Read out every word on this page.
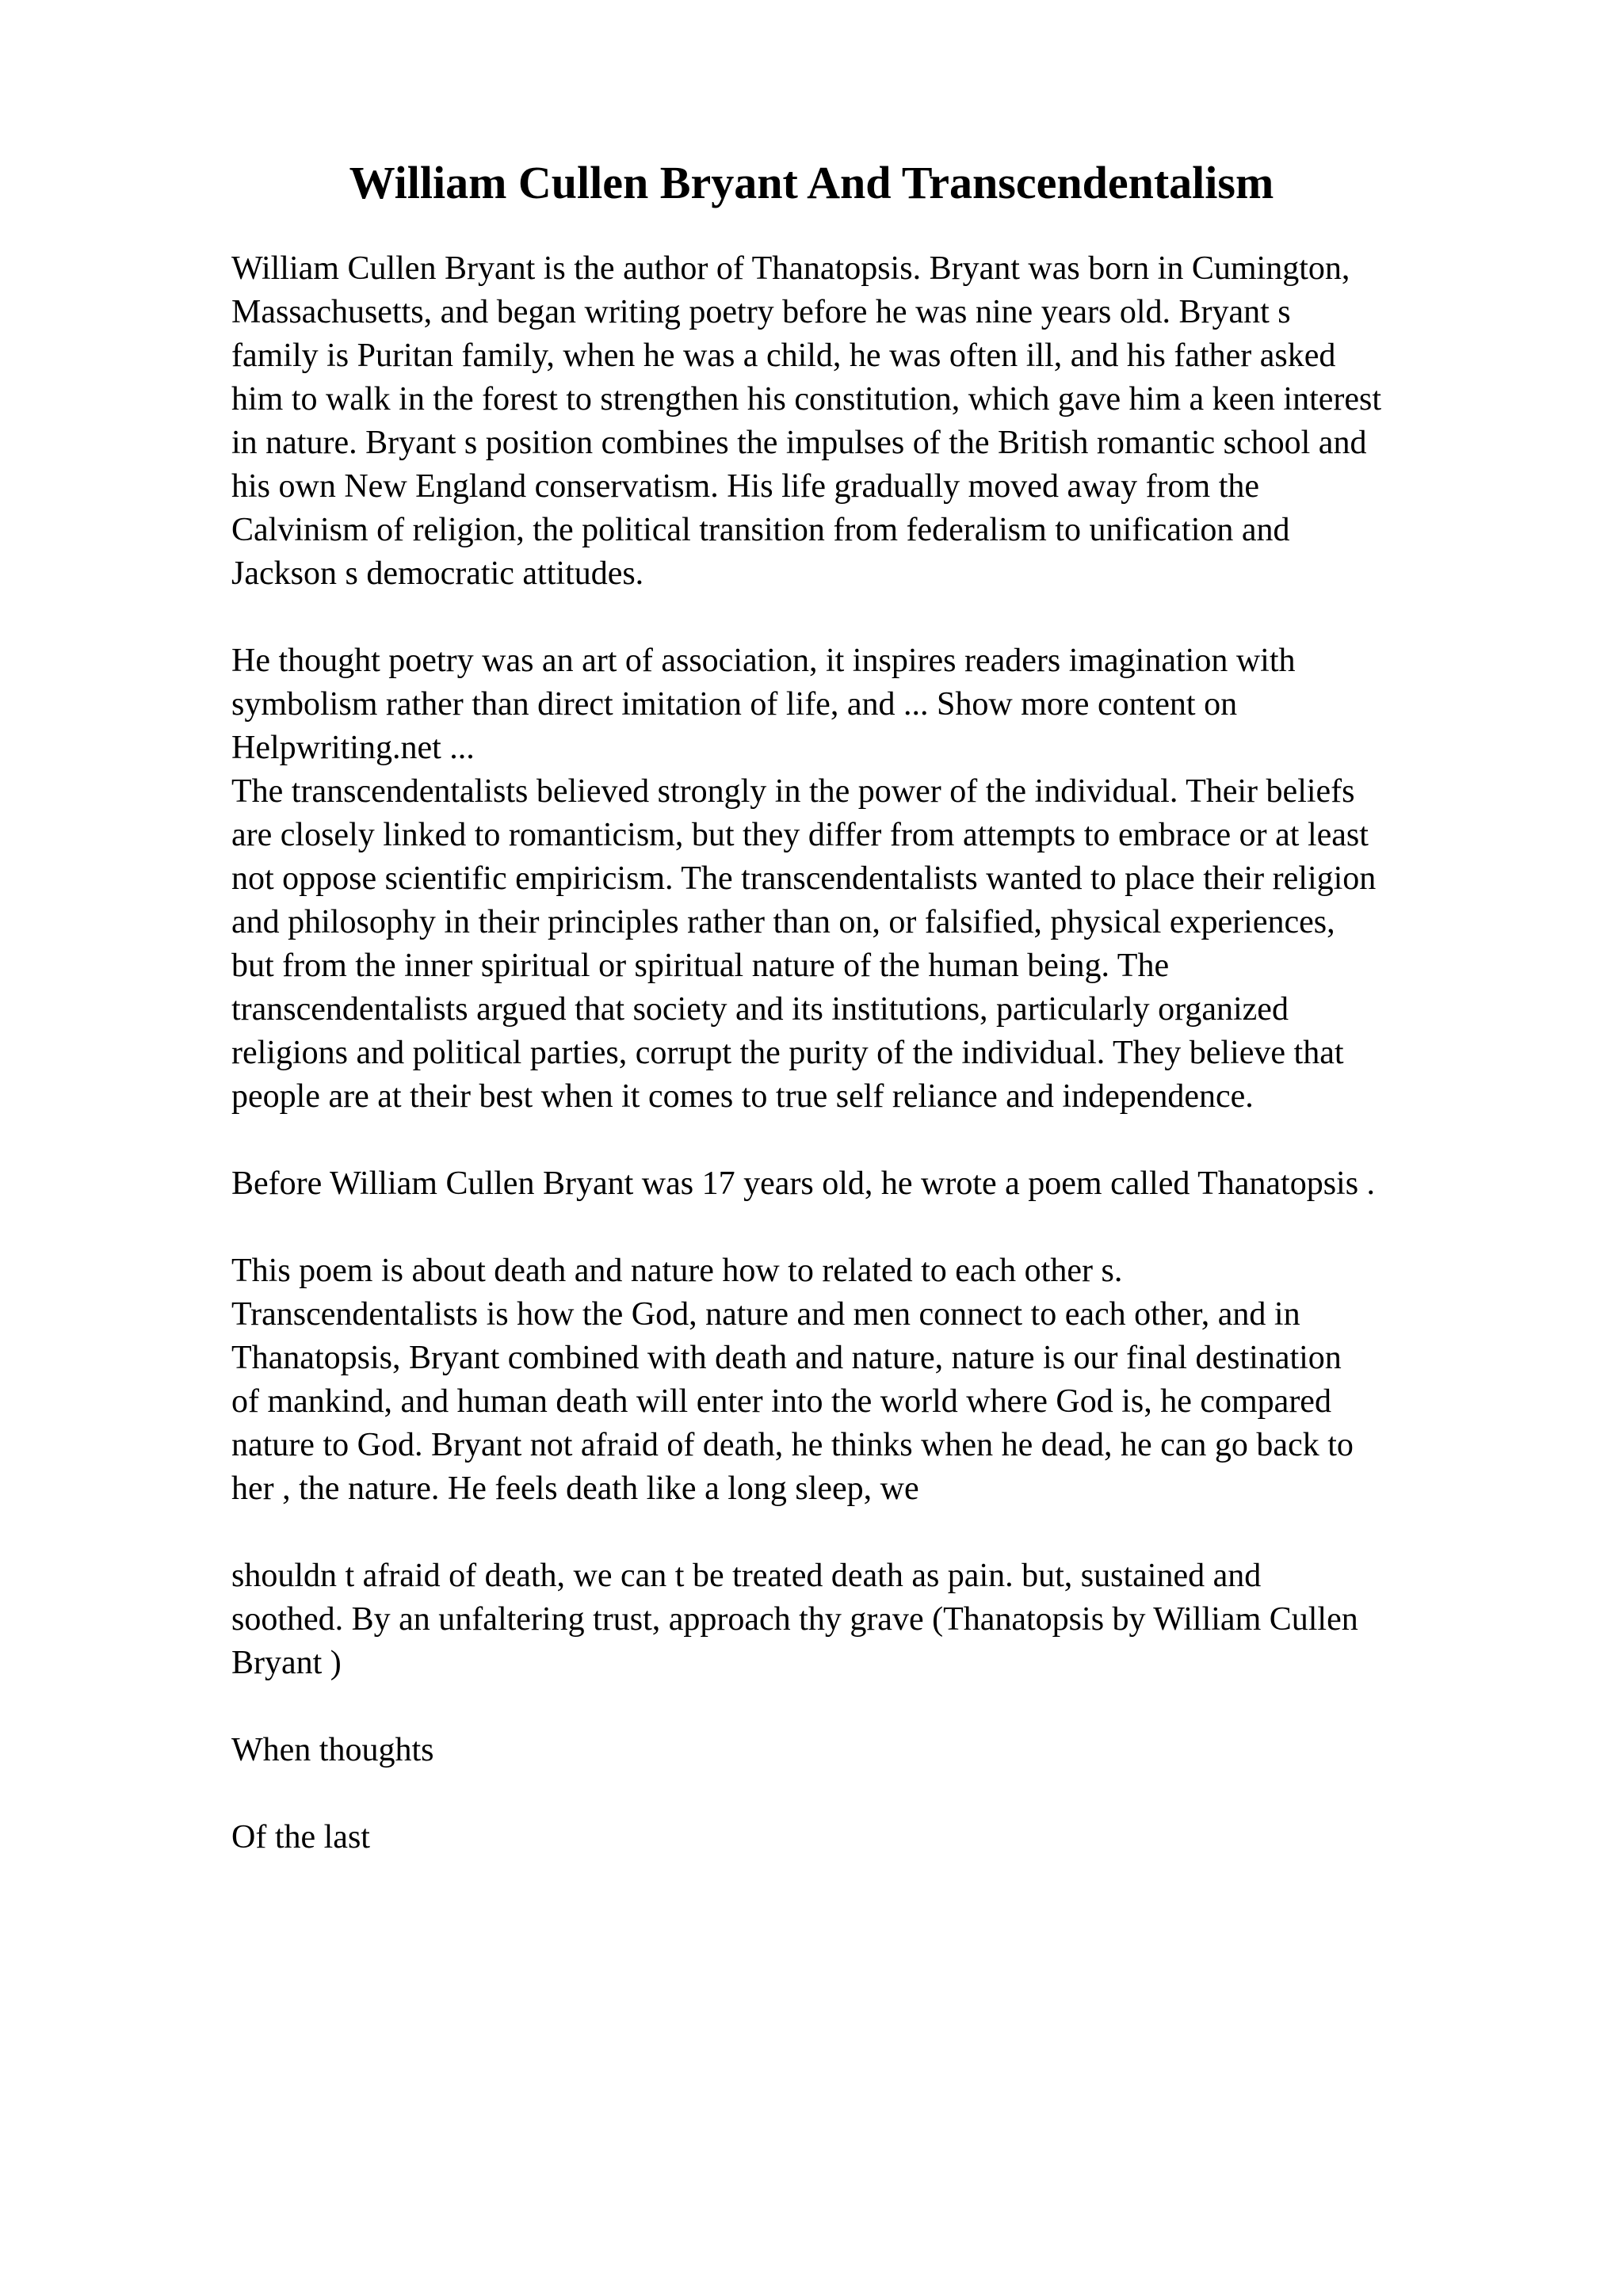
William Cullen Bryant And Transcendentalism

William Cullen Bryant is the author of Thanatopsis. Bryant was born in Cumington,
Massachusetts, and began writing poetry before he was nine years old. Bryant s
family is Puritan family, when he was a child, he was often ill, and his father asked
him to walk in the forest to strengthen his constitution, which gave him a keen interest
in nature. Bryant s position combines the impulses of the British romantic school and
his own New England conservatism. His life gradually moved away from the
Calvinism of religion, the political transition from federalism to unification and
Jackson s democratic attitudes.

He thought poetry was an art of association, it inspires readers imagination with
symbolism rather than direct imitation of life, and ... Show more content on
Helpwriting.net ...

The transcendentalists believed strongly in the power of the individual. Their beliefs
are closely linked to romanticism, but they differ from attempts to embrace or at least
not oppose scientific empiricism. The transcendentalists wanted to place their religion
and philosophy in their principles rather than on, or falsified, physical experiences,
but from the inner spiritual or spiritual nature of the human being. The
transcendentalists argued that society and its institutions, particularly organized
religions and political parties, corrupt the purity of the individual. They believe that
people are at their best when it comes to true self reliance and independence.

Before William Cullen Bryant was 17 years old, he wrote a poem called Thanatopsis .

This poem is about death and nature how to related to each other s.
Transcendentalists is how the God, nature and men connect to each other, and in
Thanatopsis, Bryant combined with death and nature, nature is our final destination
of mankind, and human death will enter into the world where God is, he compared
nature to God. Bryant not afraid of death, he thinks when he dead, he can go back to
her , the nature. He feels death like a long sleep, we

shouldn t afraid of death, we can t be treated death as pain. but, sustained and
soothed. By an unfaltering trust, approach thy grave (Thanatopsis by William Cullen
Bryant )

When thoughts

Of the last
